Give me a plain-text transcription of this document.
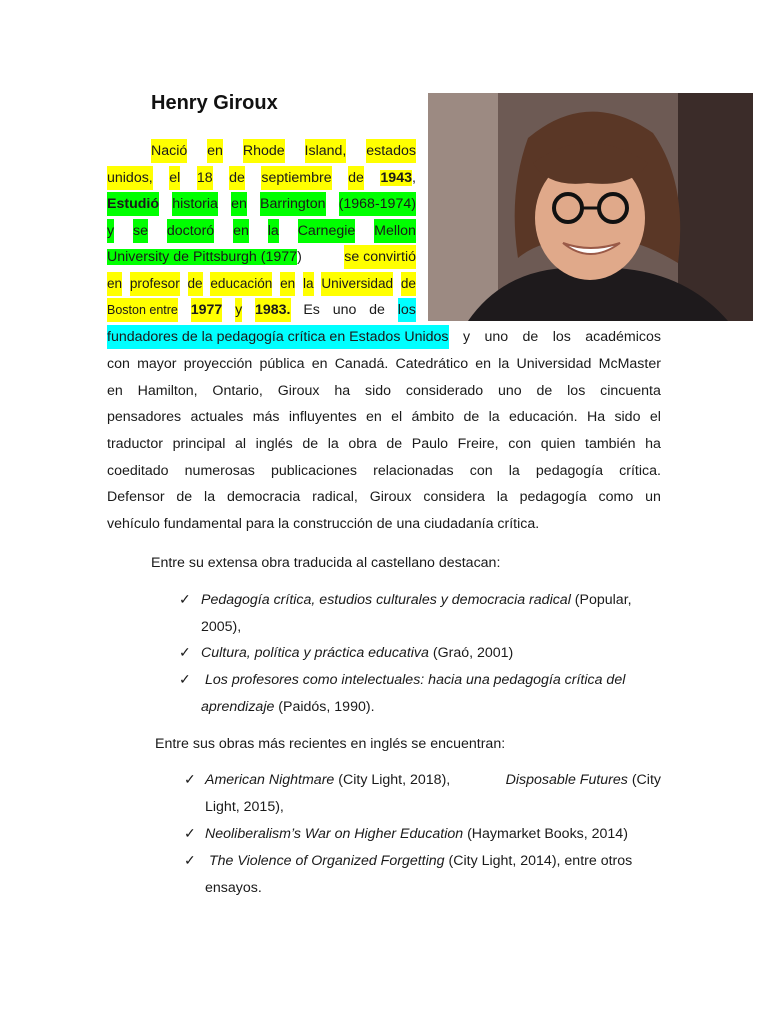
Henry Giroux
Nació en Rhode Island, estados
unidos, el 18 de septiembre de 1943,
Estudió historia en Barrington (1968-1974)
y se doctoró en la Carnegie Mellon
University de Pittsburgh (1977)	se convirtió
en profesor de educación en la Universidad de
Boston entre 1977 y 1983. Es uno de los
fundadores de la pedagogía crítica en Estados Unidos y uno de los académicos
con mayor proyección pública en Canadá. Catedrático en la Universidad McMaster
en Hamilton, Ontario, Giroux ha sido considerado uno de los cincuenta
pensadores actuales más influyentes en el ámbito de la educación. Ha sido el
traductor principal al inglés de la obra de Paulo Freire, con quien también ha
coeditado numerosas publicaciones relacionadas con la pedagogía crítica.
Defensor de la democracia radical, Giroux considera la pedagogía como un
vehículo fundamental para la construcción de una ciudadanía crítica.
Entre su extensa obra traducida al castellano destacan:
✓ Pedagogía crítica, estudios culturales y democracia radical (Popular,
2005),
✓ Cultura, política y práctica educativa (Graó, 2001)
✓ Los profesores como intelectuales: hacia una pedagogía crítica del
aprendizaje (Paidós, 1990).
Entre sus obras más recientes en inglés se encuentran:
✓ American Nightmare (City Light, 2018),	Disposable Futures (City
Light, 2015),
✓ Neoliberalism’s War on Higher Education (Haymarket Books, 2014)
✓ The Violence of Organized Forgetting (City Light, 2014), entre otros
ensayos.
